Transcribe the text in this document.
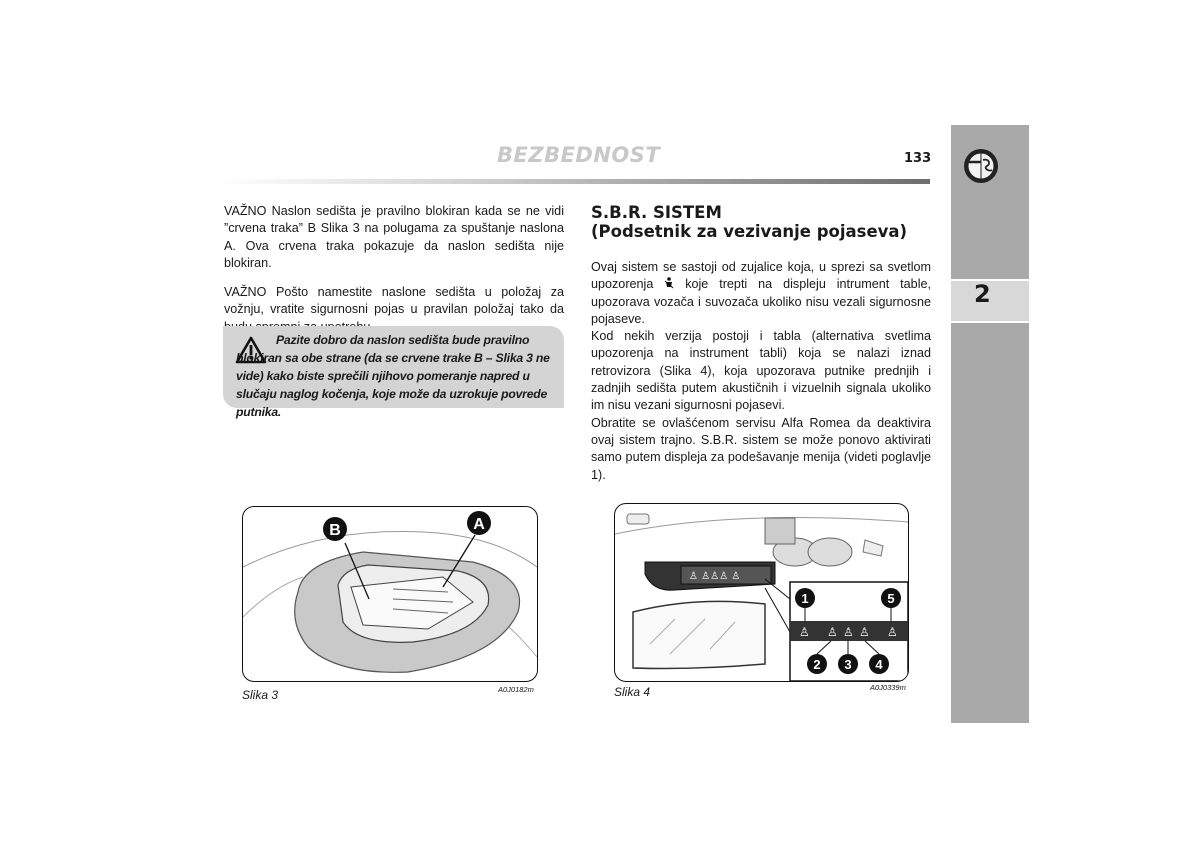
BEZBEDNOST	133
2

VAŽNO Naslon sedišta je pravilno blokiran kada se ne vidi ”crvena traka” B Slika 3 na polugama za spuštanje naslona A. Ova crvena traka pokazuje da naslon sedišta nije blokiran.

VAŽNO Pošto namestite naslone sedišta u položaj za vožnju, vratite sigurnosni pojas u pravilan položaj tako da

Pazite dobro da naslon sedišta bude pravilno blokiran sa obe strane (da se crvene trake B – Slika 3 ne vide) kako biste sprečili njihovo pomeranje napred u slučaju naglog kočenja, koje može da uzrokuje povrede putnika.
S.B.R. SISTEM
(Podsetnik za vezivanje pojaseva)

Ovaj sistem se sastoji od zujalice koja, u sprezi sa svetlom upozorenja  koje trepti na displeju intrument table, upozorava vozača i suvozača ukoliko nisu vezali sigurnosne pojaseve.

Kod nekih verzija postoji i tabla (alternativa svetlima upozorenja na instrument tabli) koja se nalazi iznad retrovizora (Slika 4), koja upozorava putnike prednjih i zadnjih sedišta putem akustičnih i vizuelnih signala ukoliko im nisu vezani sigurnosni pojasevi.

Obratite se ovlašćenom servisu Alfa Romea da deaktivira ovaj sistem trajno. S.B.R. sistem se može ponovo aktivirati samo putem displeja za podešavanje menija (videti poglavlje 1).

B	A
Slika 3	A0J0182m
♙ ♙♙♙ ♙
♙ ♙ ♙ ♙ ♙
1	5
2 3 4
Slika 4	A0J0339m
